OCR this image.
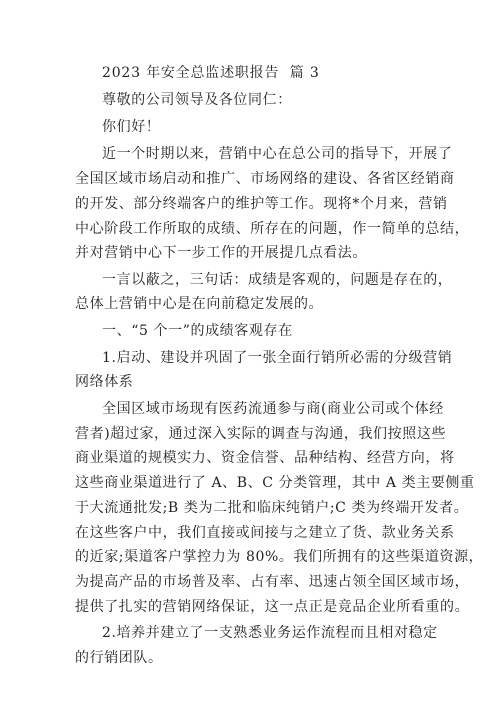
2023 年安全总监述职报告  篇 3
尊敬的公司领导及各位同仁：
你们好！
近一个时期以来，营销中心在总公司的指导下，开展了
全国区域市场启动和推广、市场网络的建设、各省区经销商
的开发、部分终端客户的维护等工作。现将*个月来，营销
中心阶段工作所取的成绩、所存在的问题，作一简单的总结，
并对营销中心下一步工作的开展提几点看法。
一言以蔽之，三句话：成绩是客观的，问题是存在的，
总体上营销中心是在向前稳定发展的。
一、“5 个一”的成绩客观存在
1.启动、建设并巩固了一张全面行销所必需的分级营销
网络体系
全国区域市场现有医药流通参与商(商业公司或个体经
营者)超过家，通过深入实际的调查与沟通，我们按照这些
商业渠道的规模实力、资金信誉、品种结构、经营方向，将
这些商业渠道进行了 A、B、C 分类管理，其中 A 类主要侧重
于大流通批发;B 类为二批和临床纯销户;C 类为终端开发者。
在这些客户中，我们直接或间接与之建立了货、款业务关系
的近家;渠道客户掌控力为 80%。我们所拥有的这些渠道资源，
为提高产品的市场普及率、占有率、迅速占领全国区域市场，
提供了扎实的营销网络保证，这一点正是竞品企业所看重的。
2.培养并建立了一支熟悉业务运作流程而且相对稳定
的行销团队。
